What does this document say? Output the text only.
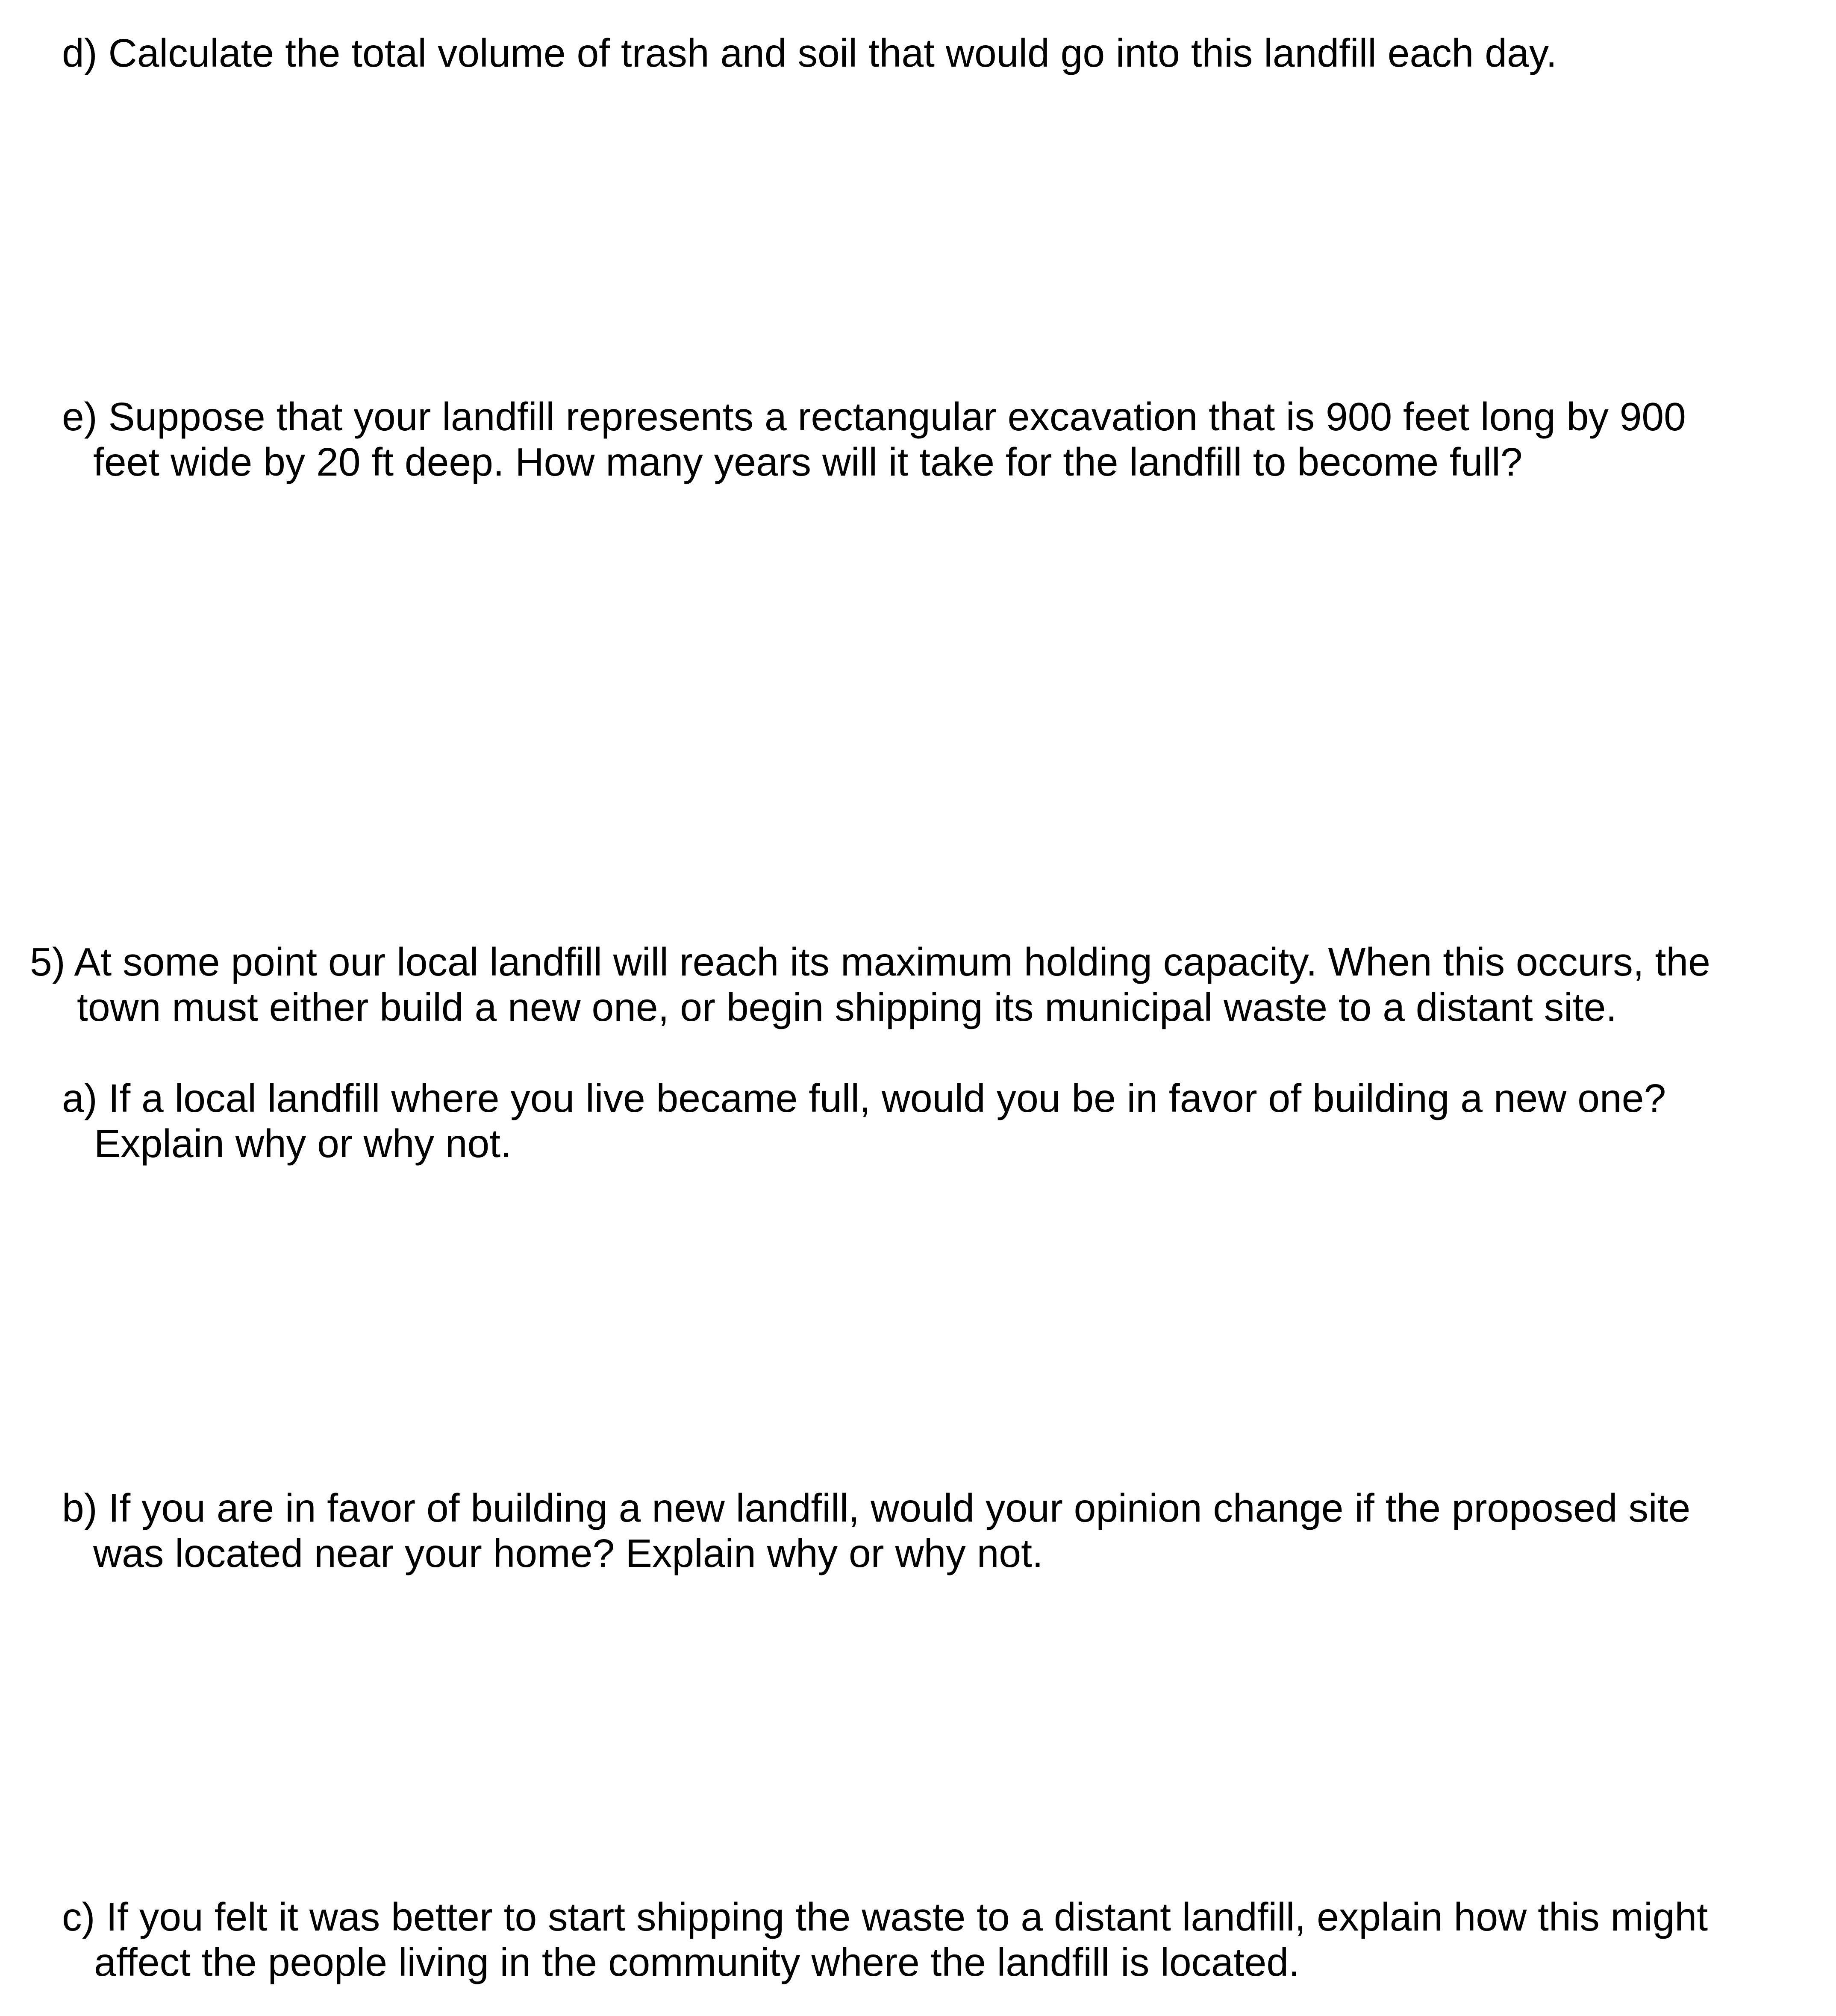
d) Calculate the total volume of trash and soil that would go into this landfill each day.
e) Suppose that your landfill represents a rectangular excavation that is 900 feet long by 900
feet wide by 20 ft deep. How many years will it take for the landfill to become full?
5) At some point our local landfill will reach its maximum holding capacity. When this occurs, the
town must either build a new one, or begin shipping its municipal waste to a distant site.
a) If a local landfill where you live became full, would you be in favor of building a new one?
Explain why or why not.
b) If you are in favor of building a new landfill, would your opinion change if the proposed site
was located near your home? Explain why or why not.
c) If you felt it was better to start shipping the waste to a distant landfill, explain how this might
affect the people living in the community where the landfill is located.
